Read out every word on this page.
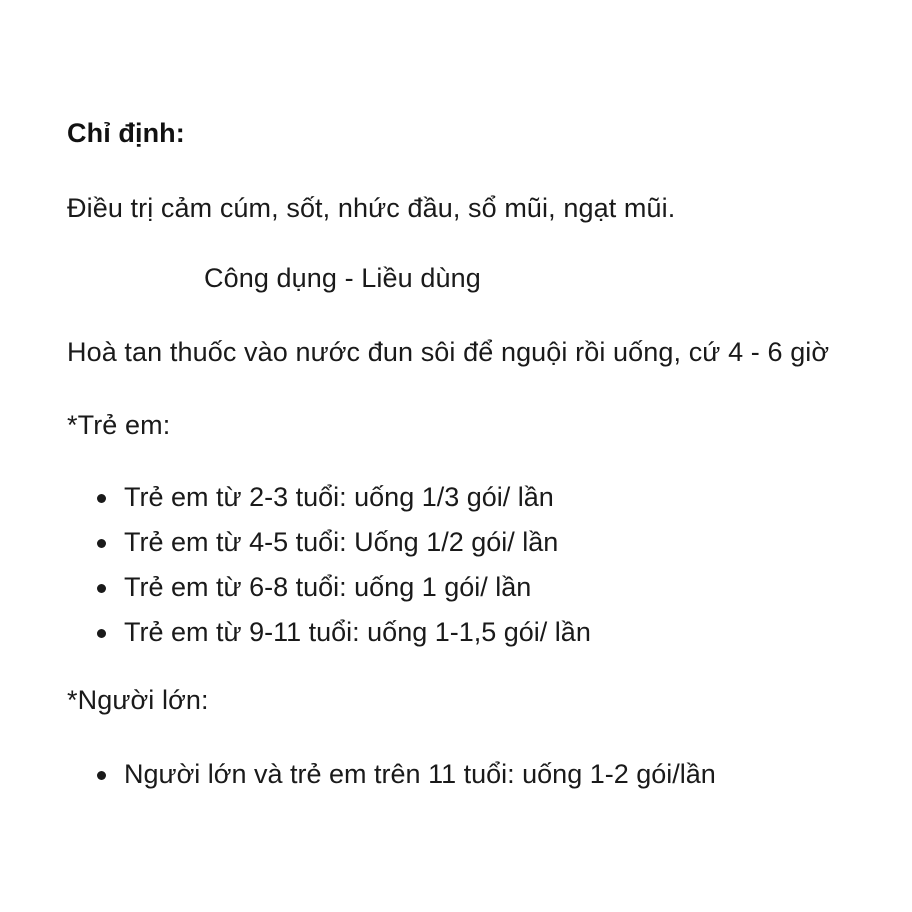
Chỉ định:
Điều trị cảm cúm, sốt, nhức đầu, sổ mũi, ngạt mũi.
Công dụng - Liều dùng
Hoà tan thuốc vào nước đun sôi để nguội rồi uống, cứ 4 - 6 giờ
*Trẻ em:
Trẻ em từ 2-3 tuổi: uống 1/3 gói/ lần
Trẻ em từ 4-5 tuổi: Uống 1/2 gói/ lần
Trẻ em từ 6-8 tuổi: uống 1 gói/ lần
Trẻ em từ 9-11 tuổi: uống 1-1,5 gói/ lần
*Người lớn:
Người lớn và trẻ em trên 11 tuổi: uống 1-2 gói/lần
